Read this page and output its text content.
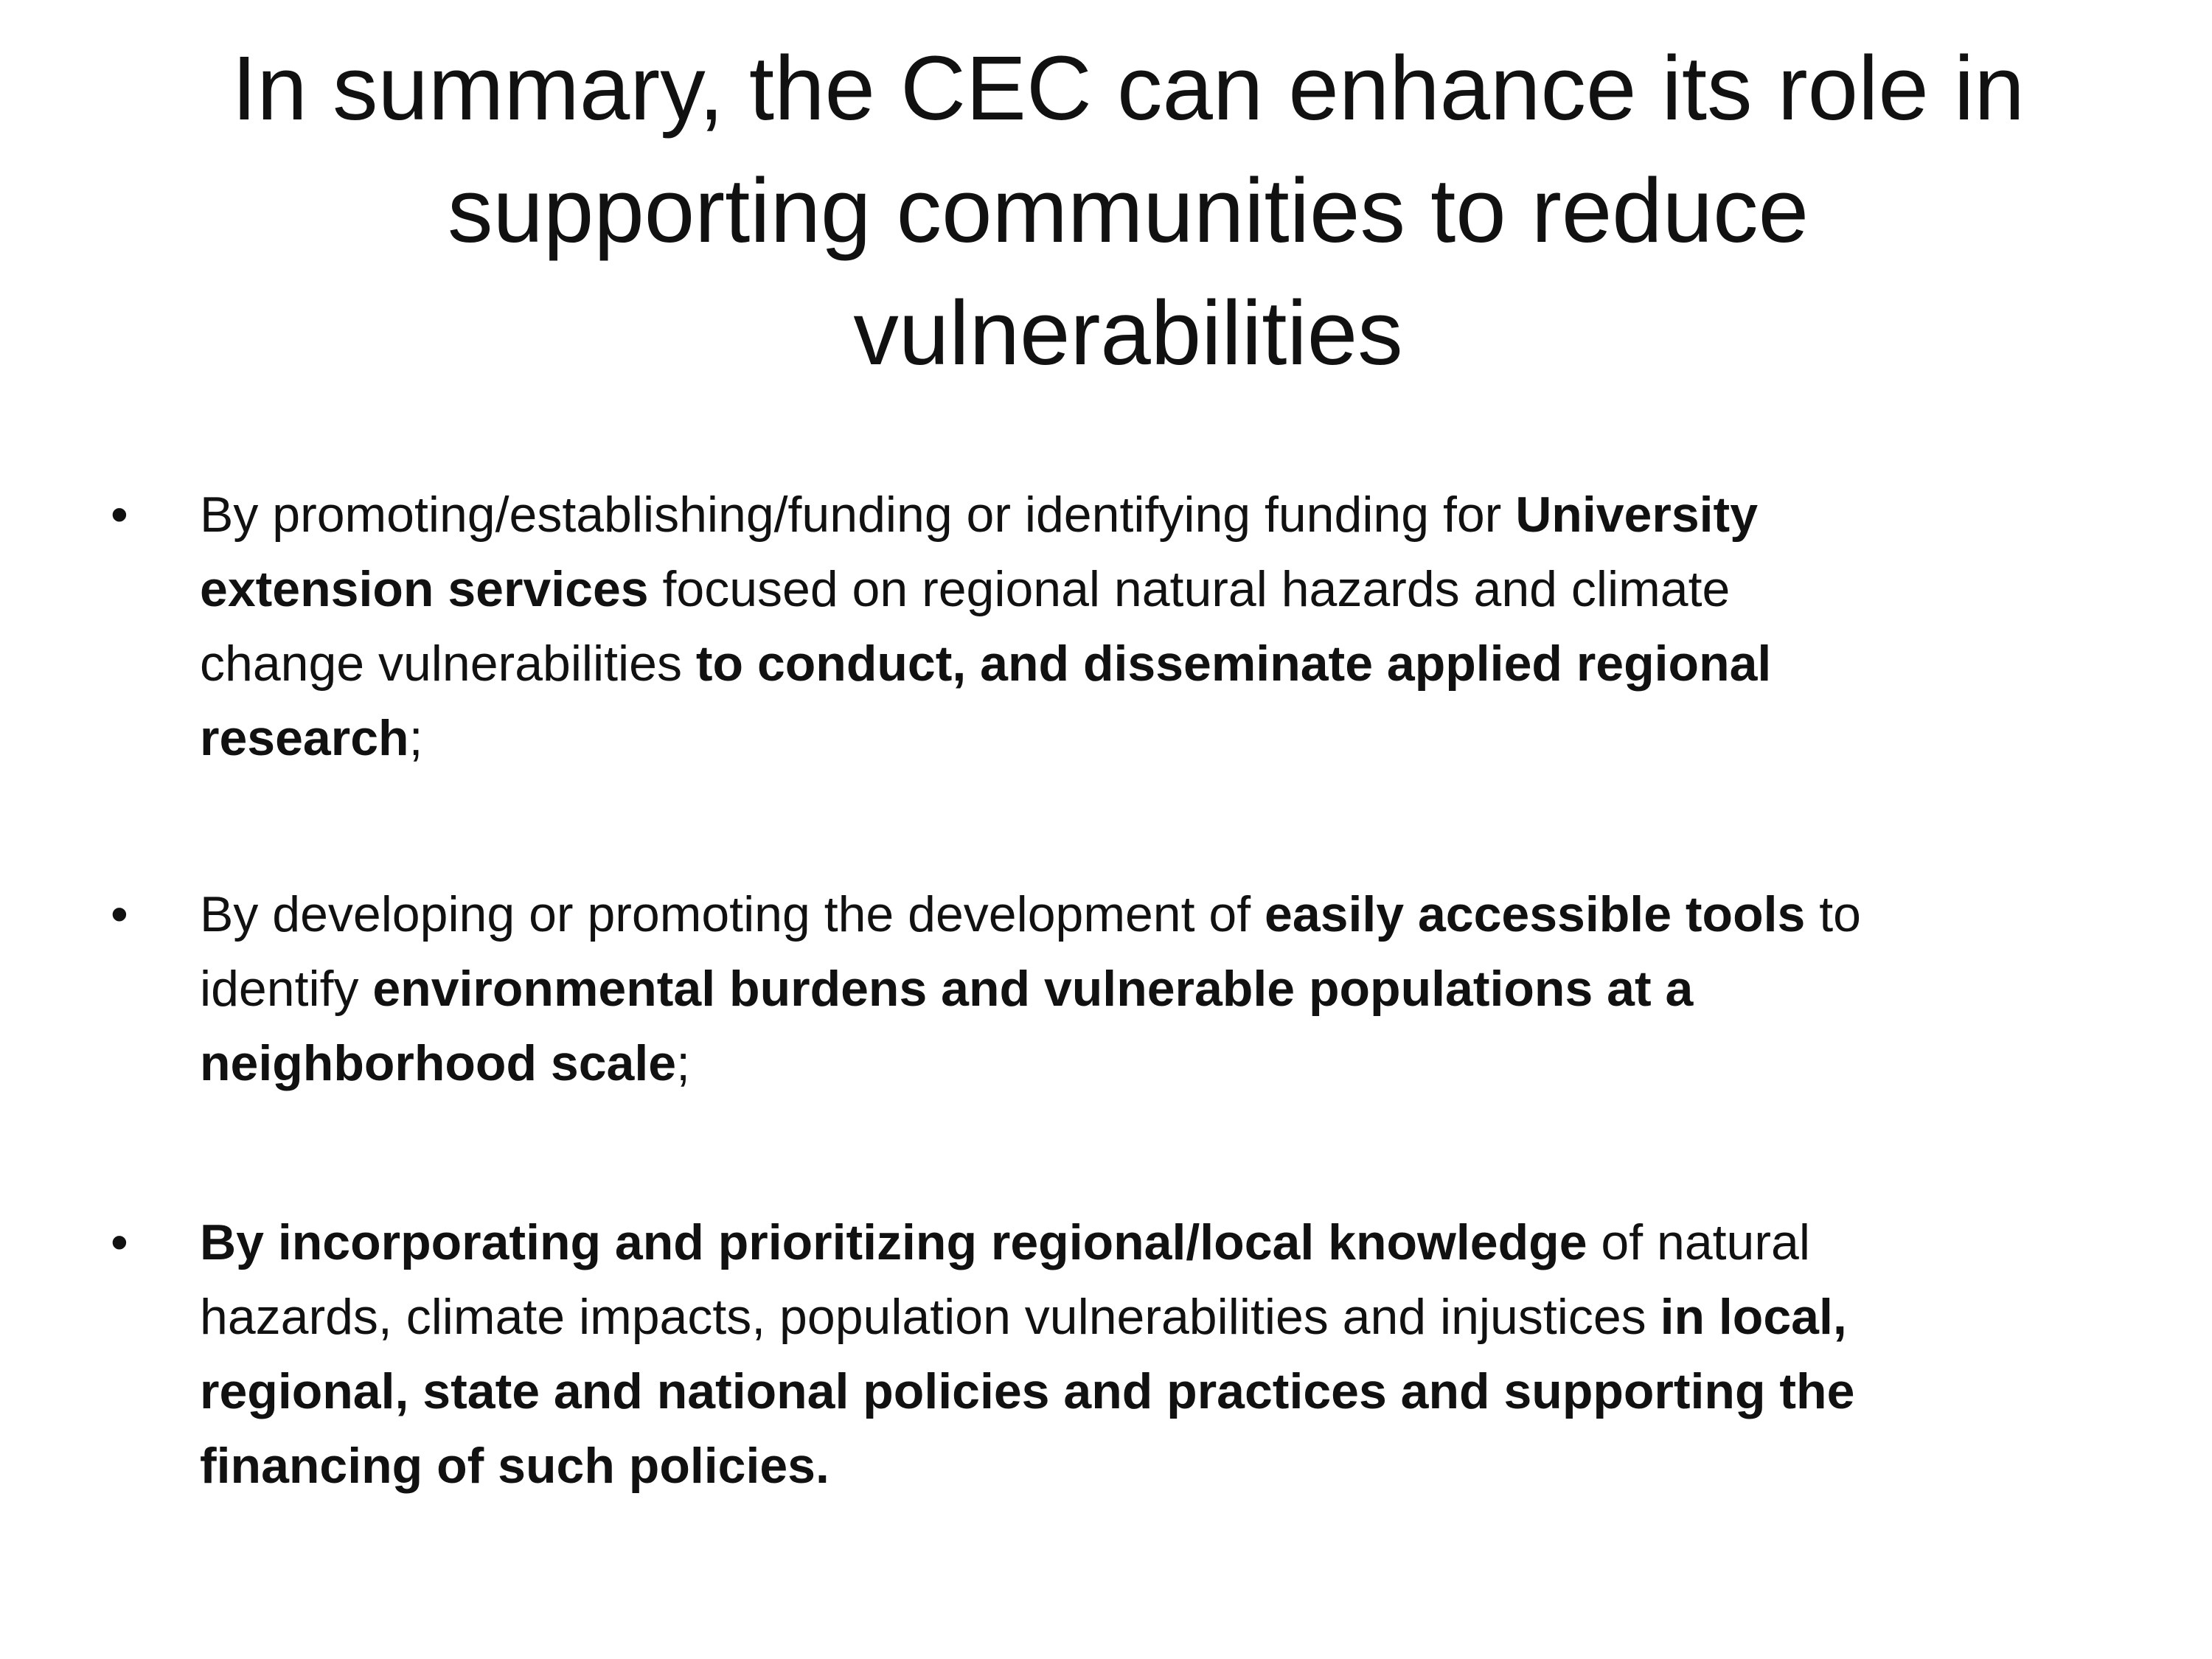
In summary, the CEC can enhance its role in
supporting communities to reduce
vulnerabilities
• By promoting/establishing/funding or identifying funding for University
extension services focused on regional natural hazards and climate
change vulnerabilities to conduct, and disseminate applied regional
research;
• By developing or promoting the development of easily accessible tools to
identify environmental burdens and vulnerable populations at a
neighborhood scale;
• By incorporating and prioritizing regional/local knowledge of natural
hazards, climate impacts, population vulnerabilities and injustices in local,
regional, state and national policies and practices and supporting the
financing of such policies.
